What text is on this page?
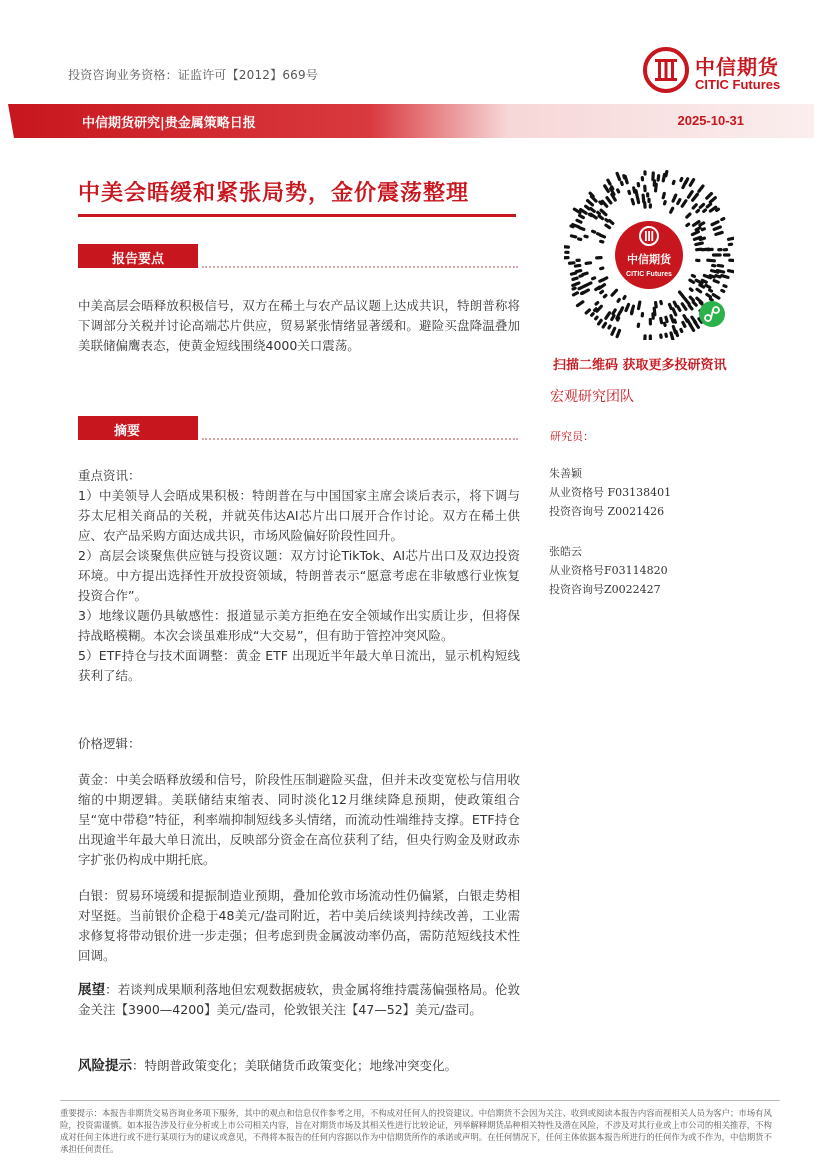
投资咨询业务资格：证监许可【2012】669号	中信期货
CITIC Futures
中信期货研究|贵金属策略日报	2025-10-31
中美会晤缓和紧张局势，金价震荡整理
报告要点
中美高层会晤释放积极信号，双方在稀土与农产品议题上达成共识，特朗普称将下调部分关税并讨论高端芯片供应，贸易紧张情绪显著缓和。避险买盘降温叠加美联储偏鹰表态，使黄金短线围绕4000关口震荡。
摘要

重点资讯：

1）中美领导人会晤成果积极：特朗普在与中国国家主席会谈后表示，将下调与芬太尼相关商品的关税，并就英伟达AI芯片出口展开合作讨论。双方在稀土供应、农产品采购方面达成共识，市场风险偏好阶段性回升。

2）高层会谈聚焦供应链与投资议题：双方讨论TikTok、AI芯片出口及双边投资环境。中方提出选择性开放投资领域，特朗普表示“愿意考虑在非敏感行业恢复投资合作”。

3）地缘议题仍具敏感性：报道显示美方拒绝在安全领域作出实质让步，但将保持战略模糊。本次会谈虽难形成“大交易”，但有助于管控冲突风险。

5）ETF持仓与技术面调整：黄金 ETF 出现近半年最大单日流出，显示机构短线获利了结。

价格逻辑：
黄金：中美会晤释放缓和信号，阶段性压制避险买盘，但并未改变宽松与信用收缩的中期逻辑。美联储结束缩表、同时淡化12月继续降息预期，使政策组合呈“宽中带稳”特征，利率端抑制短线多头情绪，而流动性端维持支撑。ETF持仓出现逾半年最大单日流出，反映部分资金在高位获利了结，但央行购金及财政赤字扩张仍构成中期托底。
白银：贸易环境缓和提振制造业预期，叠加伦敦市场流动性仍偏紧，白银走势相对坚挺。当前银价企稳于48美元/盎司附近，若中美后续谈判持续改善，工业需求修复将带动银价进一步走强；但考虑到贵金属波动率仍高，需防范短线技术性回调。

展望：若谈判成果顺利落地但宏观数据疲软，贵金属将维持震荡偏强格局。伦敦金关注【3900—4200】美元/盎司，伦敦银关注【47—52】美元/盎司。

风险提示：特朗普政策变化；美联储货币政策变化；地缘冲突变化。

中信期货
CITIC Futures
扫描二维码 获取更多投研资讯
宏观研究团队
研究员：
朱善颖
从业资格号 F03138401
投资咨询号 Z0021426
张皓云
从业资格号F03114820
投资咨询号Z0022427
重要提示：本报告非期货交易咨询业务项下服务，其中的观点和信息仅作参考之用，不构成对任何人的投资建议。中信期货不会因为关注、收到或阅读本报告内容而视相关人员为客户；市场有风险，投资需谨慎。如本报告涉及行业分析或上市公司相关内容，旨在对期货市场及其相关性进行比较论证，列举解释期货品种相关特性及潜在风险，不涉及对其行业或上市公司的相关推荐，不构成对任何主体进行或不进行某项行为的建议或意见，不得将本报告的任何内容据以作为中信期货所作的承诺或声明。在任何情况下，任何主体依据本报告所进行的任何作为或不作为，中信期货不承担任何责任。
